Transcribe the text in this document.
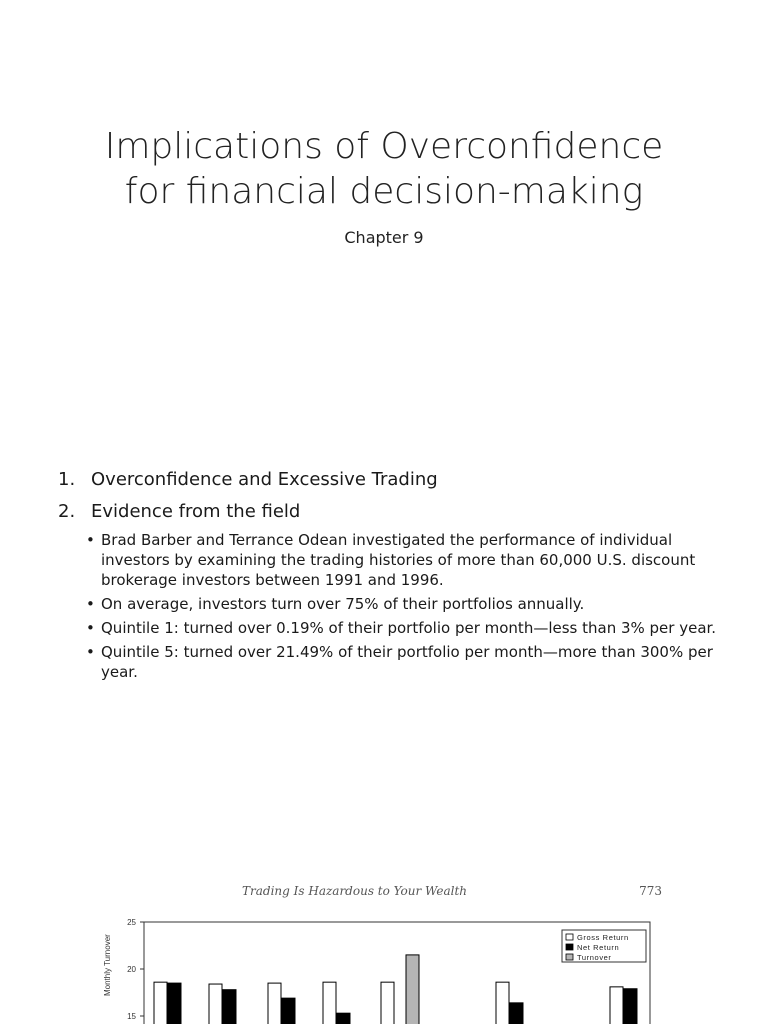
Implications of Overconfidence
for financial decision-making
Chapter 9
1. Overconfidence and Excessive Trading
2. Evidence from the field
• Brad Barber and Terrance Odean investigated the performance of individual investors by examining the trading histories of more than 60,000 U.S. discount brokerage investors between 1991 and 1996.
• On average, investors turn over 75% of their portfolios annually.
• Quintile 1: turned over 0.19% of their portfolio per month—less than 3% per year.
• Quintile 5: turned over 21.49% of their portfolio per month—more than 300% per year.
Trading Is Hazardous to Your Wealth	773
Monthly Turnover
15
20
25
Gross Return
Net Return
Turnover
